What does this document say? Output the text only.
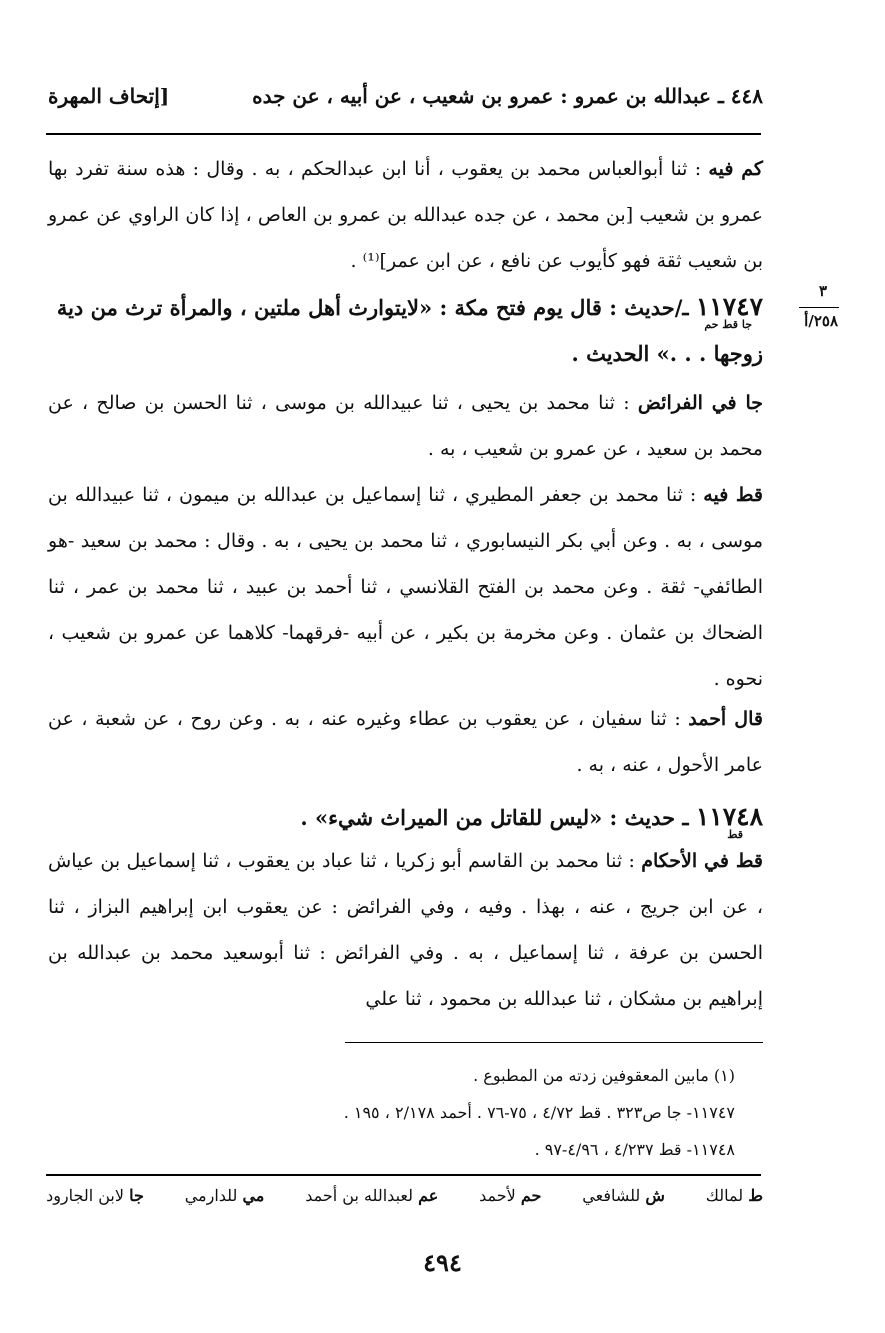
٤٤٨ ـ عبدالله بن عمرو : عمرو بن شعيب ، عن أبيه ، عن جده
[إتحاف المهرة
كم فيه : ثنا أبوالعباس محمد بن يعقوب ، أنا ابن عبدالحكم ، به . وقال : هذه سنة تفرد بها عمرو بن شعيب [بن محمد ، عن جده عبدالله بن عمرو بن العاص ، إذا كان الراوي عن عمرو بن شعيب ثقة فهو كأيوب عن نافع ، عن ابن عمر]⁽¹⁾ .
٣
٢٥٨/أ
١١٧٤٧ ـ/حديث : قال يوم فتح مكة : «لايتوارث أهل ملتين ، والمرأة ترث من دية زوجها . . .» الحديث .
جا قط حم
جا في الفرائض : ثنا محمد بن يحيى ، ثنا عبيدالله بن موسى ، ثنا الحسن بن صالح ، عن محمد بن سعيد ، عن عمرو بن شعيب ، به .
قط فيه : ثنا محمد بن جعفر المطيري ، ثنا إسماعيل بن عبدالله بن ميمون ، ثنا عبيدالله بن موسى ، به . وعن أبي بكر النيسابوري ، ثنا محمد بن يحيى ، به . وقال : محمد بن سعيد -هو الطائفي- ثقة . وعن محمد بن الفتح القلانسي ، ثنا أحمد بن عبيد ، ثنا محمد بن عمر ، ثنا الضحاك بن عثمان . وعن مخرمة بن بكير ، عن أبيه -فرقهما- كلاهما عن عمرو بن شعيب ، نحوه .
قال أحمد : ثنا سفيان ، عن يعقوب بن عطاء وغيره عنه ، به . وعن روح ، عن شعبة ، عن عامر الأحول ، عنه ، به .
١١٧٤٨ ـ حديث : «ليس للقاتل من الميراث شيء» .
قط
قط في الأحكام : ثنا محمد بن القاسم أبو زكريا ، ثنا عباد بن يعقوب ، ثنا إسماعيل بن عياش ، عن ابن جريج ، عنه ، بهذا . وفيه ، وفي الفرائض : عن يعقوب ابن إبراهيم البزاز ، ثنا الحسن بن عرفة ، ثنا إسماعيل ، به . وفي الفرائض : ثنا أبوسعيد محمد بن عبدالله بن إبراهيم بن مشكان ، ثنا عبدالله بن محمود ، ثنا علي
(١) مابين المعقوفين زدته من المطبوع .
١١٧٤٧- جا ص٣٢٣ . قط ٤/٧٢ ، ٧٥-٧٦ . أحمد ٢/١٧٨ ، ١٩٥ .
١١٧٤٨- قط ٤/٢٣٧ ، ٤/٩٦-٩٧ .
ط لمالك
ش للشافعي
حم لأحمد
عم لعبدالله بن أحمد
مي للدارمي
جا لابن الجارود
٤٩٤
